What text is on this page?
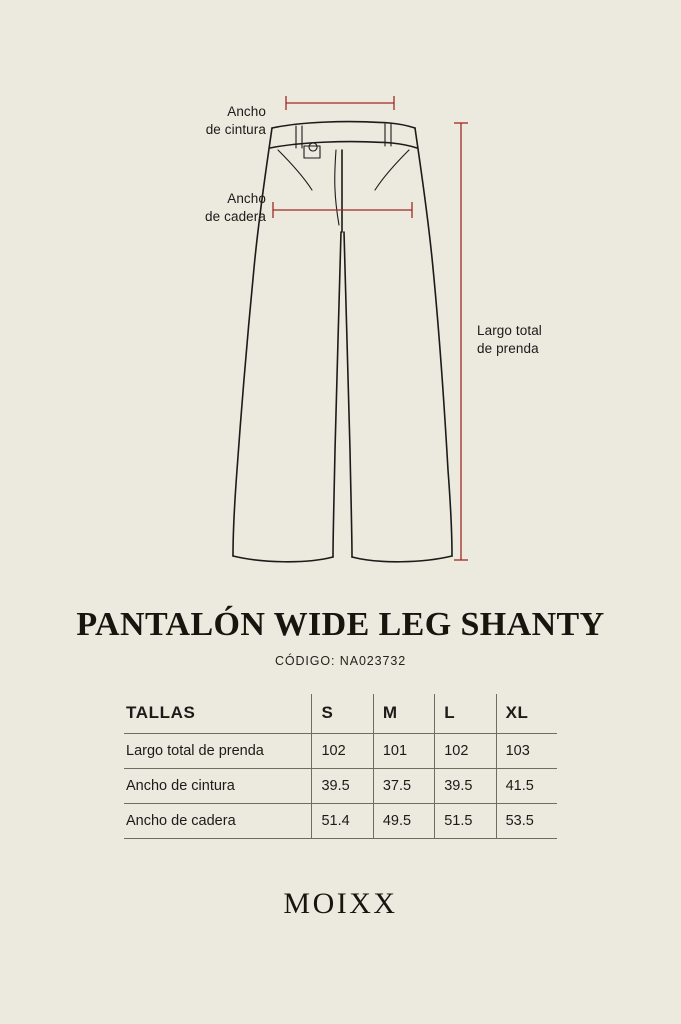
Ancho
de cintura
Ancho
de cadera
Largo total
de prenda
PANTALÓN WIDE LEG SHANTY
CÓDIGO: NA023732
TALLAS	S	M	L	XL
Largo total de prenda	102	101	102	103
Ancho de cintura	39.5	37.5	39.5	41.5
Ancho de cadera	51.4	49.5	51.5	53.5
MOIXX
